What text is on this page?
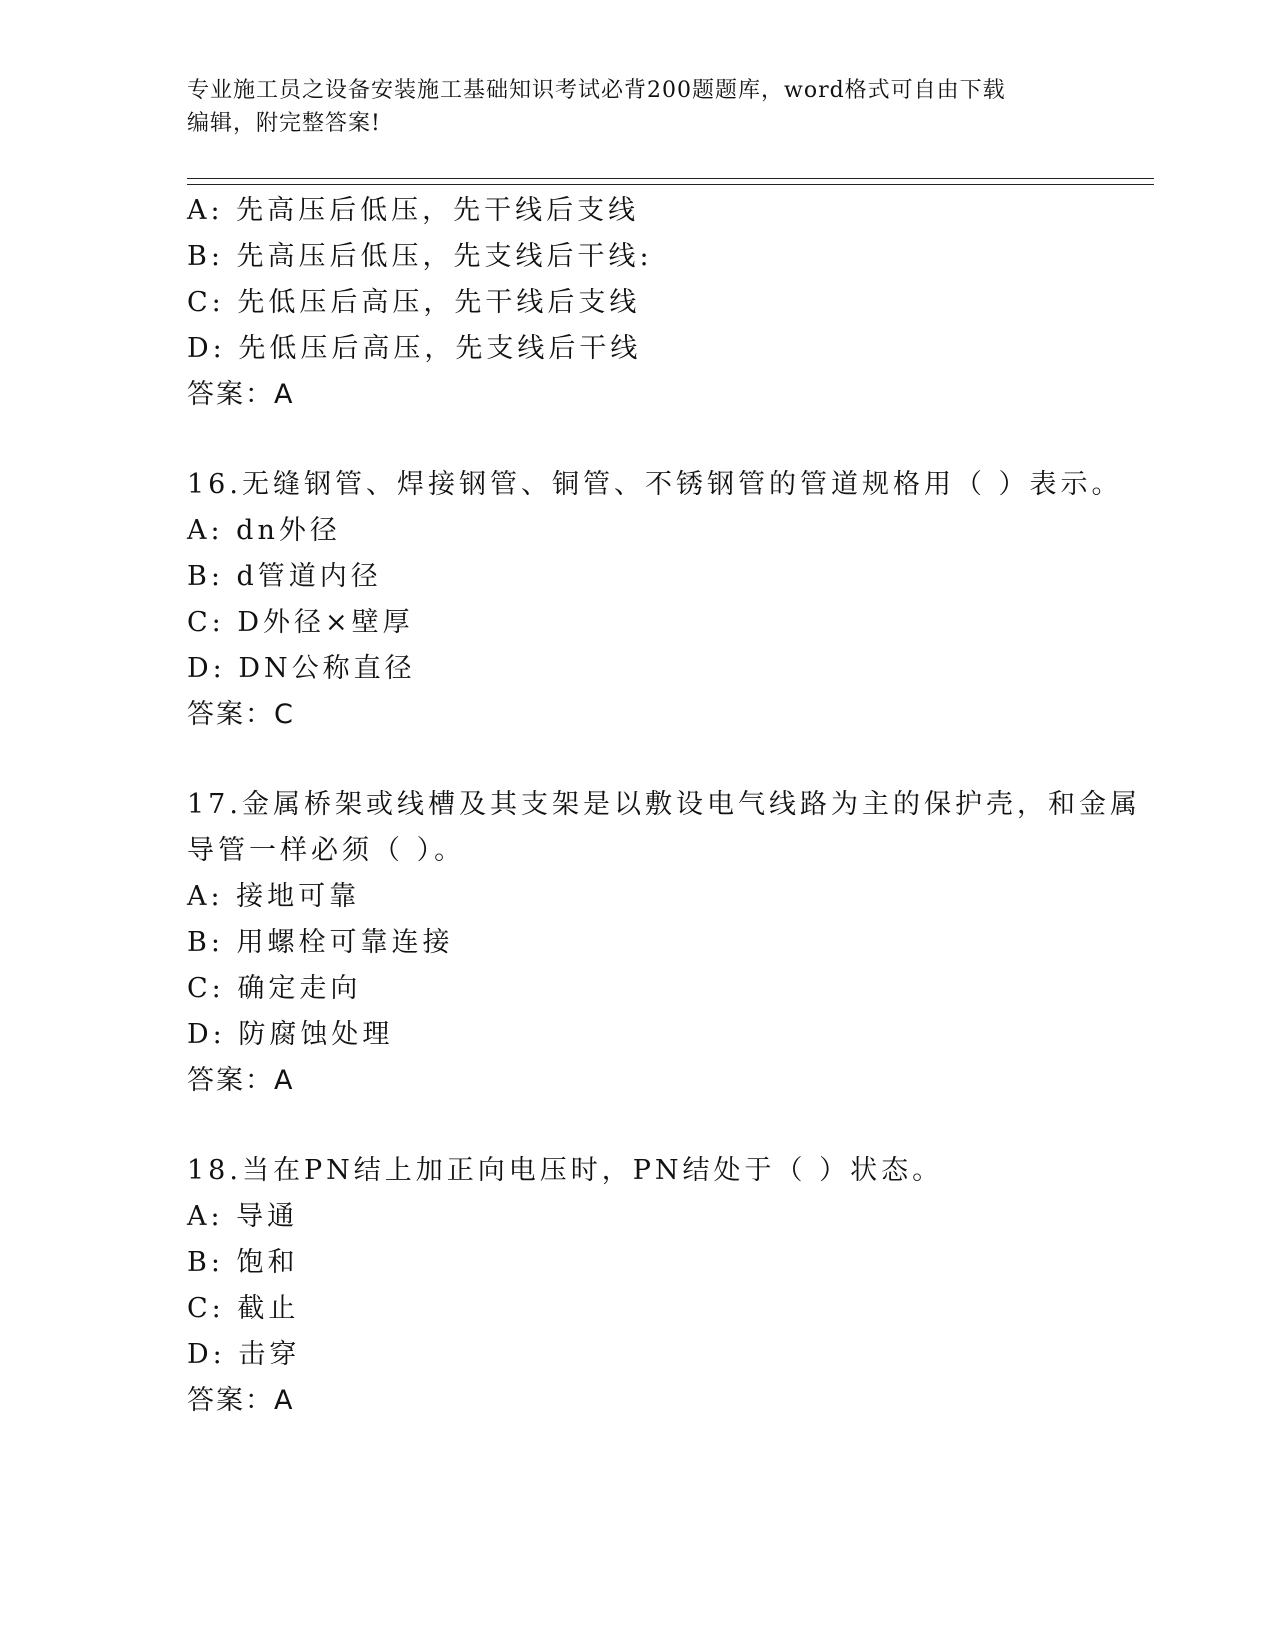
专业施工员之设备安装施工基础知识考试必背200题题库，word格式可自由下载
编辑，附完整答案!
A: 先高压后低压，先干线后支线
B: 先高压后低压，先支线后干线:
C: 先低压后高压，先干线后支线
D: 先低压后高压，先支线后干线
答案：A
16.无缝钢管、焊接钢管、铜管、不锈钢管的管道规格用（ ）表示。
A: dn外径
B: d管道内径
C: D外径×壁厚
D: DN公称直径
答案：C
17.金属桥架或线槽及其支架是以敷设电气线路为主的保护壳，和金属
导管一样必须（ ）。
A: 接地可靠
B: 用螺栓可靠连接
C: 确定走向
D: 防腐蚀处理
答案：A
18.当在PN结上加正向电压时，PN结处于（ ）状态。
A: 导通
B: 饱和
C: 截止
D: 击穿
答案：A
